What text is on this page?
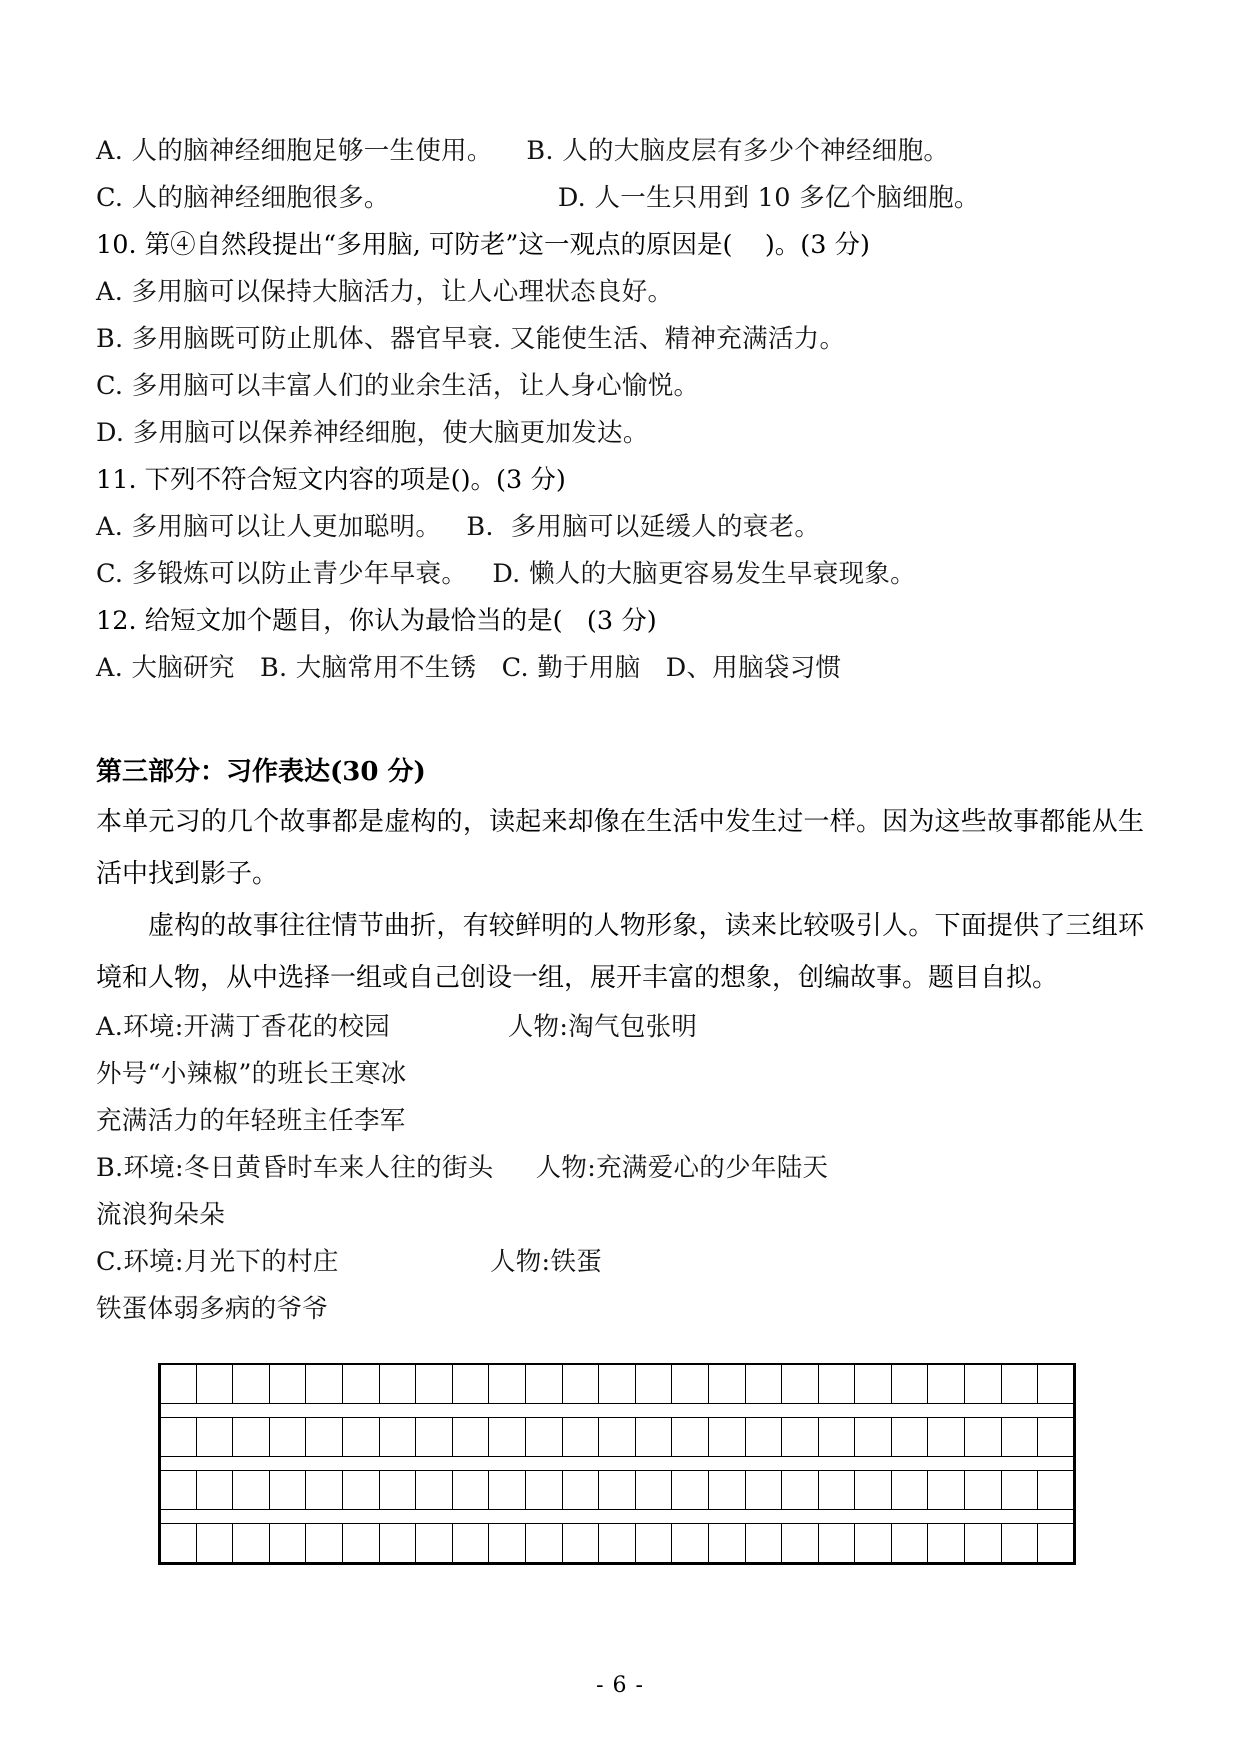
A. 人的脑神经细胞足够一生使用。    B. 人的大脑皮层有多少个神经细胞。
C. 人的脑神经细胞很多。                    D. 人一生只用到 10 多亿个脑细胞。
10. 第④自然段提出“多用脑, 可防老”这一观点的原因是(    )。(3 分)
A. 多用脑可以保持大脑活力，让人心理状态良好。
B. 多用脑既可防止肌体、器官早衰. 又能使生活、精神充满活力。
C. 多用脑可以丰富人们的业余生活，让人身心愉悦。
D. 多用脑可以保养神经细胞，使大脑更加发达。
11. 下列不符合短文内容的项是()。(3 分)
A. 多用脑可以让人更加聪明。   B.  多用脑可以延缓人的衰老。
C. 多锻炼可以防止青少年早衰。   D. 懒人的大脑更容易发生早衰现象。
12. 给短文加个题目，你认为最恰当的是(   (3 分)
A. 大脑研究   B. 大脑常用不生锈   C. 勤于用脑   D、用脑袋习惯
第三部分：习作表达(30 分)
本单元习的几个故事都是虚构的，读起来却像在生活中发生过一样。因为这些故事都能从生活中找到影子。
虚构的故事往往情节曲折，有较鲜明的人物形象，读来比较吸引人。下面提供了三组环境和人物，从中选择一组或自己创设一组，展开丰富的想象，创编故事。题目自拟。
A.环境:开满丁香花的校园	人物:淘气包张明
外号“小辣椒”的班长王寒冰
充满活力的年轻班主任李军
B.环境:冬日黄昏时车来人往的街头 人物:充满爱心的少年陆天
流浪狗朵朵
C.环境:月光下的村庄	人物:铁蛋
铁蛋体弱多病的爷爷

- 6 -
